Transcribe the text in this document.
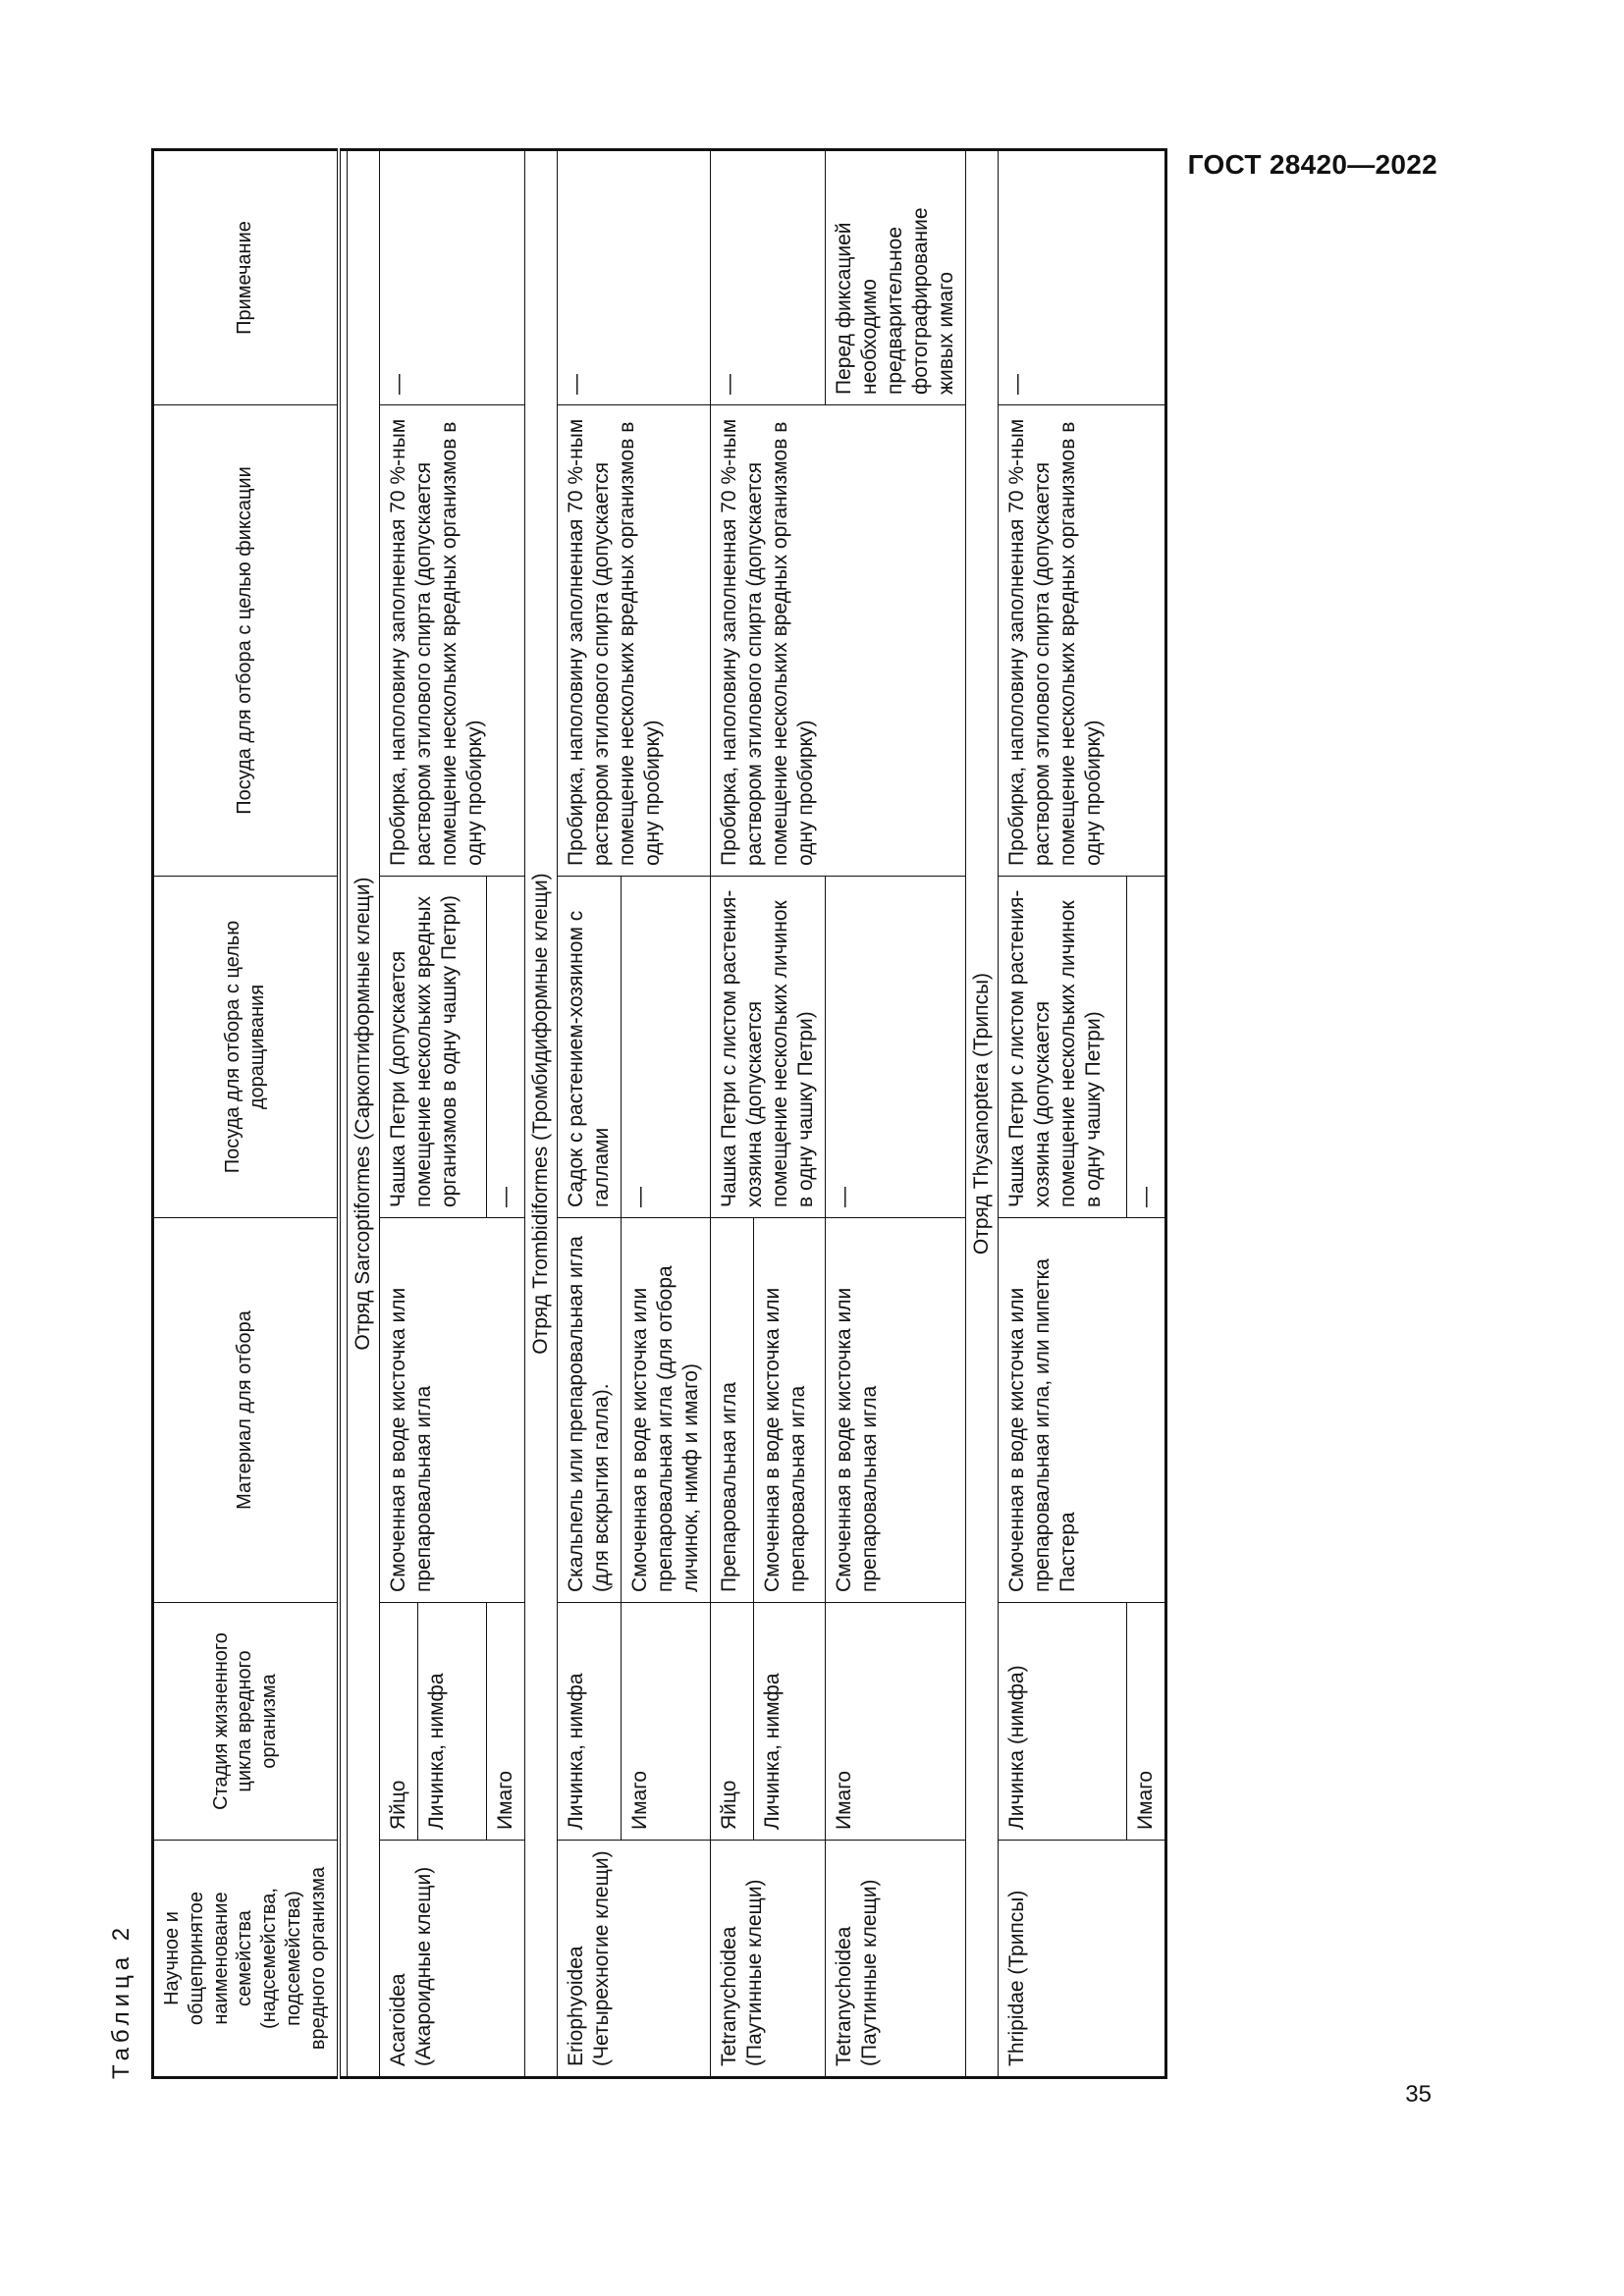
ГОСТ 28420—2022
35
Таблица 2	Научное и общепринятое наименование семейства (надсемейства, подсемейства) вредного организма	Стадия жизненного цикла вредного организма	Материал для отбора	Посуда для отбора с целью доращивания	Посуда для отбора с целью фиксации	Примечание

Отряд Sarcoptiformes (Саркоптиформные клещи)					
Acaroidea (Акароидные клещи)	Яйцо	Смоченная в воде кисточка или препаровальная игла	Чашка Петри (допускается помещение нескольких вредных организмов в одну чашку Петри)	Пробирка, наполовину заполненная 70 %-ным раствором этилового спирта (допускается помещение нескольких вредных организмов в одну пробирку)	—
	Личинка, нимфа				
	Имаго		—		
Отряд Trombidiformes (Тромбидиформные клещи)					
Eriophyoidea (Четырехногие клещи)	Личинка, нимфа	Скальпель или препаровальная игла (для вскрытия галла).	Садок с растением-хозяином с галлами	Пробирка, наполовину заполненная 70 %-ным раствором этилового спирта (допускается помещение нескольких вредных организмов в одну пробирку)	—
	Имаго	Смоченная в воде кисточка или препаровальная игла (для отбора личинок, нимф и имаго)	—		
Tetranychoidea (Паутинные клещи)	Яйцо	Препаровальная игла	Чашка Петри с листом растения-хозяина (допускается помещение нескольких личинок в одну чашку Петри)	Пробирка, наполовину заполненная 70 %-ным раствором этилового спирта (допускается помещение нескольких вредных организмов в одну пробирку)	—
	Личинка, нимфа	Смоченная в воде кисточка или препаровальная игла			
Tetranychoidea (Паутинные клещи)	Имаго	Смоченная в воде кисточка или препаровальная игла	—		Перед фиксацией необходимо предварительное фотографирование живых имаго
Отряд Thysanoptera (Трипсы)					
Thripidae (Трипсы)	Личинка (нимфа)	Смоченная в воде кисточка или препаровальная игла, или пипетка Пастера	Чашка Петри с листом растения-хозяина (допускается помещение нескольких личинок в одну чашку Петри)	Пробирка, наполовину заполненная 70 %-ным раствором этилового спирта (допускается помещение нескольких вредных организмов в одну пробирку)	—
	Имаго		—		
